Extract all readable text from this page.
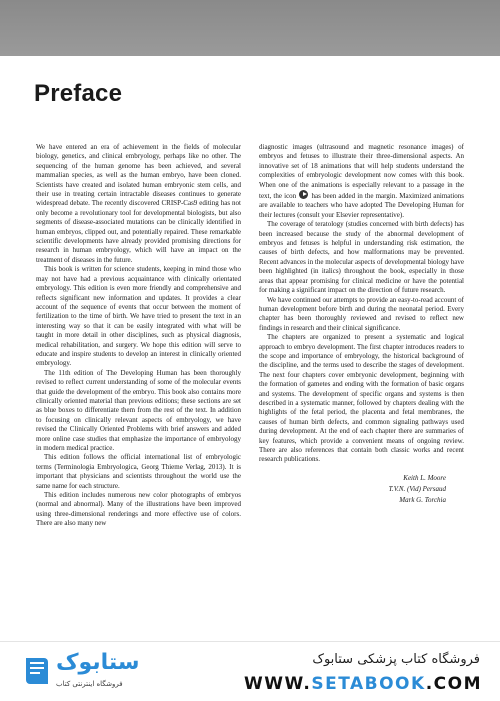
Preface

We have entered an era of achievement in the fields of molecular biology, genetics, and clinical embryology, perhaps like no other. The sequencing of the human genome has been achieved, and several mammalian species, as well as the human embryo, have been cloned. Scientists have created and isolated human embryonic stem cells, and their use in treating certain intractable diseases continues to generate widespread debate. The recently discovered CRISP-Cas9 editing has not only become a revolutionary tool for developmental biologists, but also segments of disease-associated mutations can be clinically identified in human embryos, clipped out, and potentially repaired. These remarkable scientific developments have already provided promising directions for research in human embryology, which will have an impact on the treatment of diseases in the future.

This book is written for science students, keeping in mind those who may not have had a previous acquaintance with clinically orientated embryology. This edition is even more friendly and comprehensive and reflects significant new information and updates. It provides a clear account of the sequence of events that occur between the moment of fertilization to the time of birth. We have tried to present the text in an interesting way so that it can be easily integrated with what will be taught in more detail in other disciplines, such as physical diagnosis, medical rehabilitation, and surgery. We hope this edition will serve to educate and inspire students to develop an interest in clinically oriented embryology.

The 11th edition of The Developing Human has been thoroughly revised to reflect current understanding of some of the molecular events that guide the development of the embryo. This book also contains more clinically oriented material than previous editions; these sections are set as blue boxes to differentiate them from the rest of the text. In addition to focusing on clinically relevant aspects of embryology, we have revised the Clinically Oriented Problems with brief answers and added more online case studies that emphasize the importance of embryology in modern medical practice.

This edition follows the official international list of embryologic terms (Terminologia Embryologica, Georg Thieme Verlag, 2013). It is important that physicians and scientists throughout the world use the same name for each structure.

This edition includes numerous new color photographs of embryos (normal and abnormal). Many of the illustrations have been improved using three-dimensional renderings and more effective use of colors. There are also many new

diagnostic images (ultrasound and magnetic resonance images) of embryos and fetuses to illustrate their three-dimensional aspects. An innovative set of 18 animations that will help students understand the complexities of embryologic development now comes with this book. When one of the animations is especially relevant to a passage in the text, the icon has been added in the margin. Maximized animations are available to teachers who have adopted The Developing Human for their lectures (consult your Elsevier representative).

The coverage of teratology (studies concerned with birth defects) has been increased because the study of the abnormal development of embryos and fetuses is helpful in understanding risk estimation, the causes of birth defects, and how malformations may be prevented. Recent advances in the molecular aspects of developmental biology have been highlighted (in italics) throughout the book, especially in those areas that appear promising for clinical medicine or have the potential for making a significant impact on the direction of future research.

We have continued our attempts to provide an easy-to-read account of human development before birth and during the neonatal period. Every chapter has been thoroughly reviewed and revised to reflect new findings in research and their clinical significance.

The chapters are organized to present a systematic and logical approach to embryo development. The first chapter introduces readers to the scope and importance of embryology, the historical background of the discipline, and the terms used to describe the stages of development. The next four chapters cover embryonic development, beginning with the formation of gametes and ending with the formation of basic organs and systems. The development of specific organs and systems is then described in a systematic manner, followed by chapters dealing with the highlights of the fetal period, the placenta and fetal membranes, the causes of human birth defects, and common signaling pathways used during development. At the end of each chapter there are summaries of key features, which provide a convenient means of ongoing review. There are also references that contain both classic works and recent research publications.

Keith L. Moore
T.V.N. (Vid) Persaud
Mark G. Torchia
ستابوک
فروشگاه اینترنتی کتاب
فروشگاه کتاب پزشکی ستابوک
WWW.SETABOOK.COM
